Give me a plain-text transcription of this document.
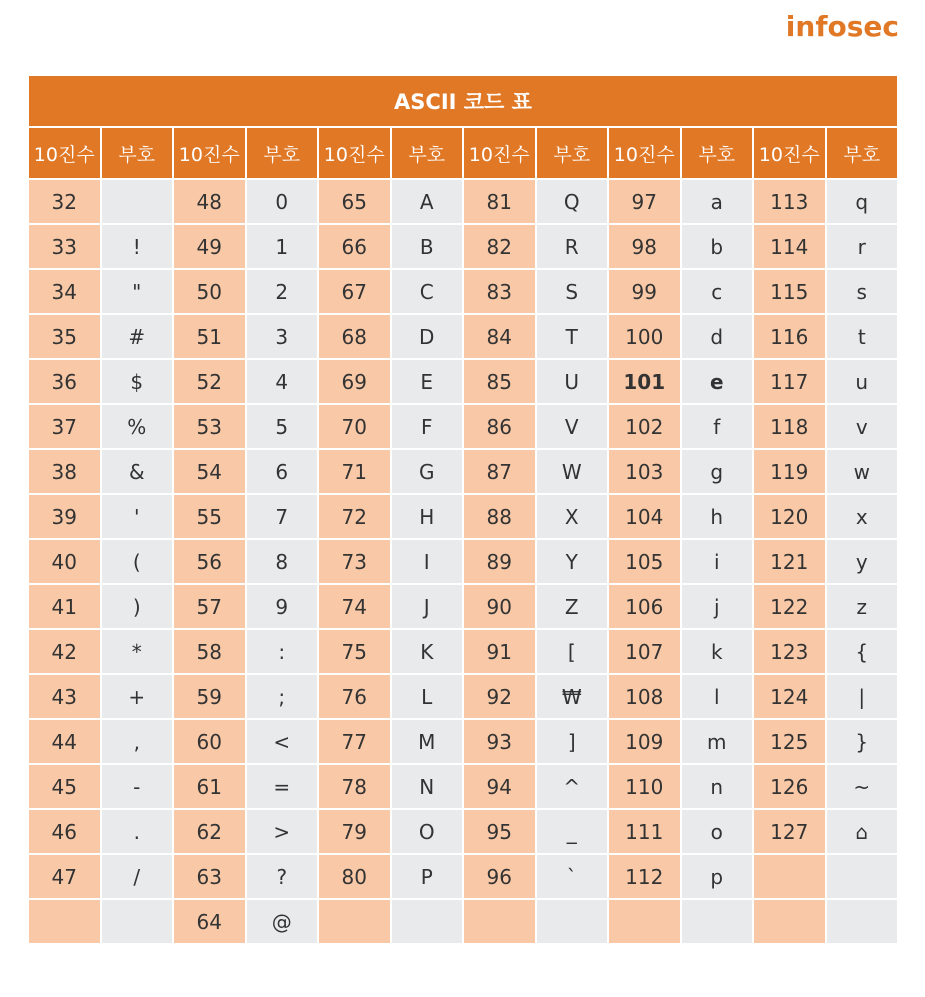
infosec
ASCII 코드 표											
10진수	부호	10진수	부호	10진수	부호	10진수	부호	10진수	부호	10진수	부호
32		48	0	65	A	81	Q	97	a	113	q
33	!	49	1	66	B	82	R	98	b	114	r
34	"	50	2	67	C	83	S	99	c	115	s
35	#	51	3	68	D	84	T	100	d	116	t
36	$	52	4	69	E	85	U	101	e	117	u
37	%	53	5	70	F	86	V	102	f	118	v
38	&	54	6	71	G	87	W	103	g	119	w
39	'	55	7	72	H	88	X	104	h	120	x
40	(	56	8	73	I	89	Y	105	i	121	y
41	)	57	9	74	J	90	Z	106	j	122	z
42	*	58	:	75	K	91	[	107	k	123	{
43	+	59	;	76	L	92	₩	108	l	124	|
44	,	60	<	77	M	93	]	109	m	125	}
45	-	61	=	78	N	94	^	110	n	126	~
46	.	62	>	79	O	95	_	111	o	127	⌂
47	/	63	?	80	P	96	`	112	p		
		64	@								
